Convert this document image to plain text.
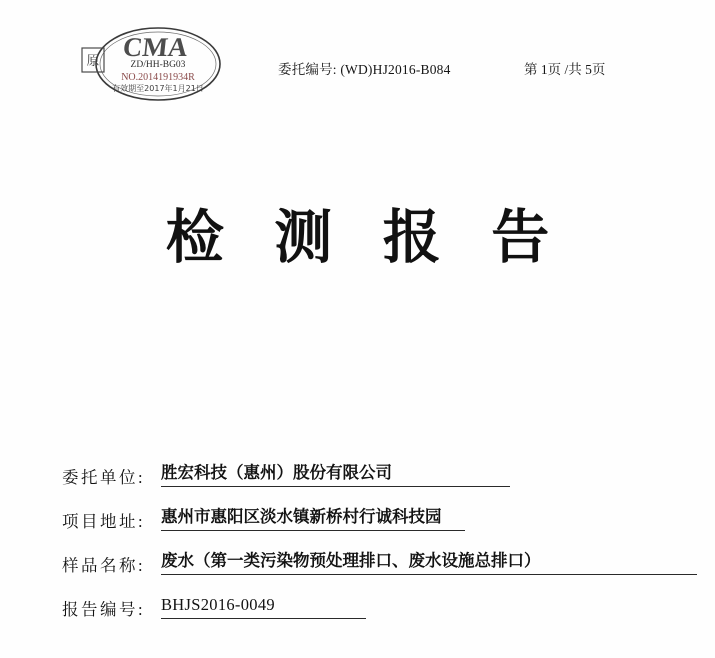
CMA
ZD/HH-BG03
NO.2014191934R
有效期至2017年1月21日
原
委托编号: (WD)HJ2016-B084	第 1页 /共 5页
检 测 报 告
委托单位: 胜宏科技（惠州）股份有限公司
项目地址: 惠州市惠阳区淡水镇新桥村行诚科技园
样品名称: 废水（第一类污染物预处理排口、废水设施总排口）
报告编号: BHJS2016-0049
